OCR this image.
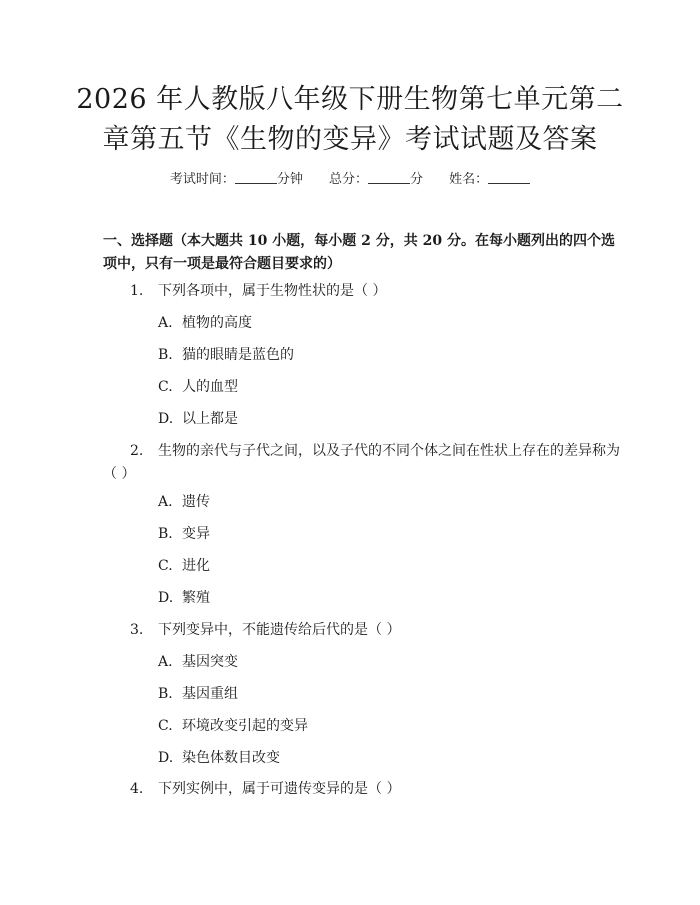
2026 年人教版八年级下册生物第七单元第二
章第五节《生物的变异》考试试题及答案
考试时间：	分钟 总分：	分 姓名：
一、选择题（本大题共 10 小题，每小题 2 分，共 20 分。在每小题列出的四个选项中，只有一项是最符合题目要求的）
1. 下列各项中，属于生物性状的是（ ）
A. 植物的高度
B. 猫的眼睛是蓝色的
C. 人的血型
D. 以上都是
2. 生物的亲代与子代之间，以及子代的不同个体之间在性状上存在的差异称为（ ）
A. 遗传
B. 变异
C. 进化
D. 繁殖
3. 下列变异中，不能遗传给后代的是（ ）
A. 基因突变
B. 基因重组
C. 环境改变引起的变异
D. 染色体数目改变
4. 下列实例中，属于可遗传变异的是（ ）
